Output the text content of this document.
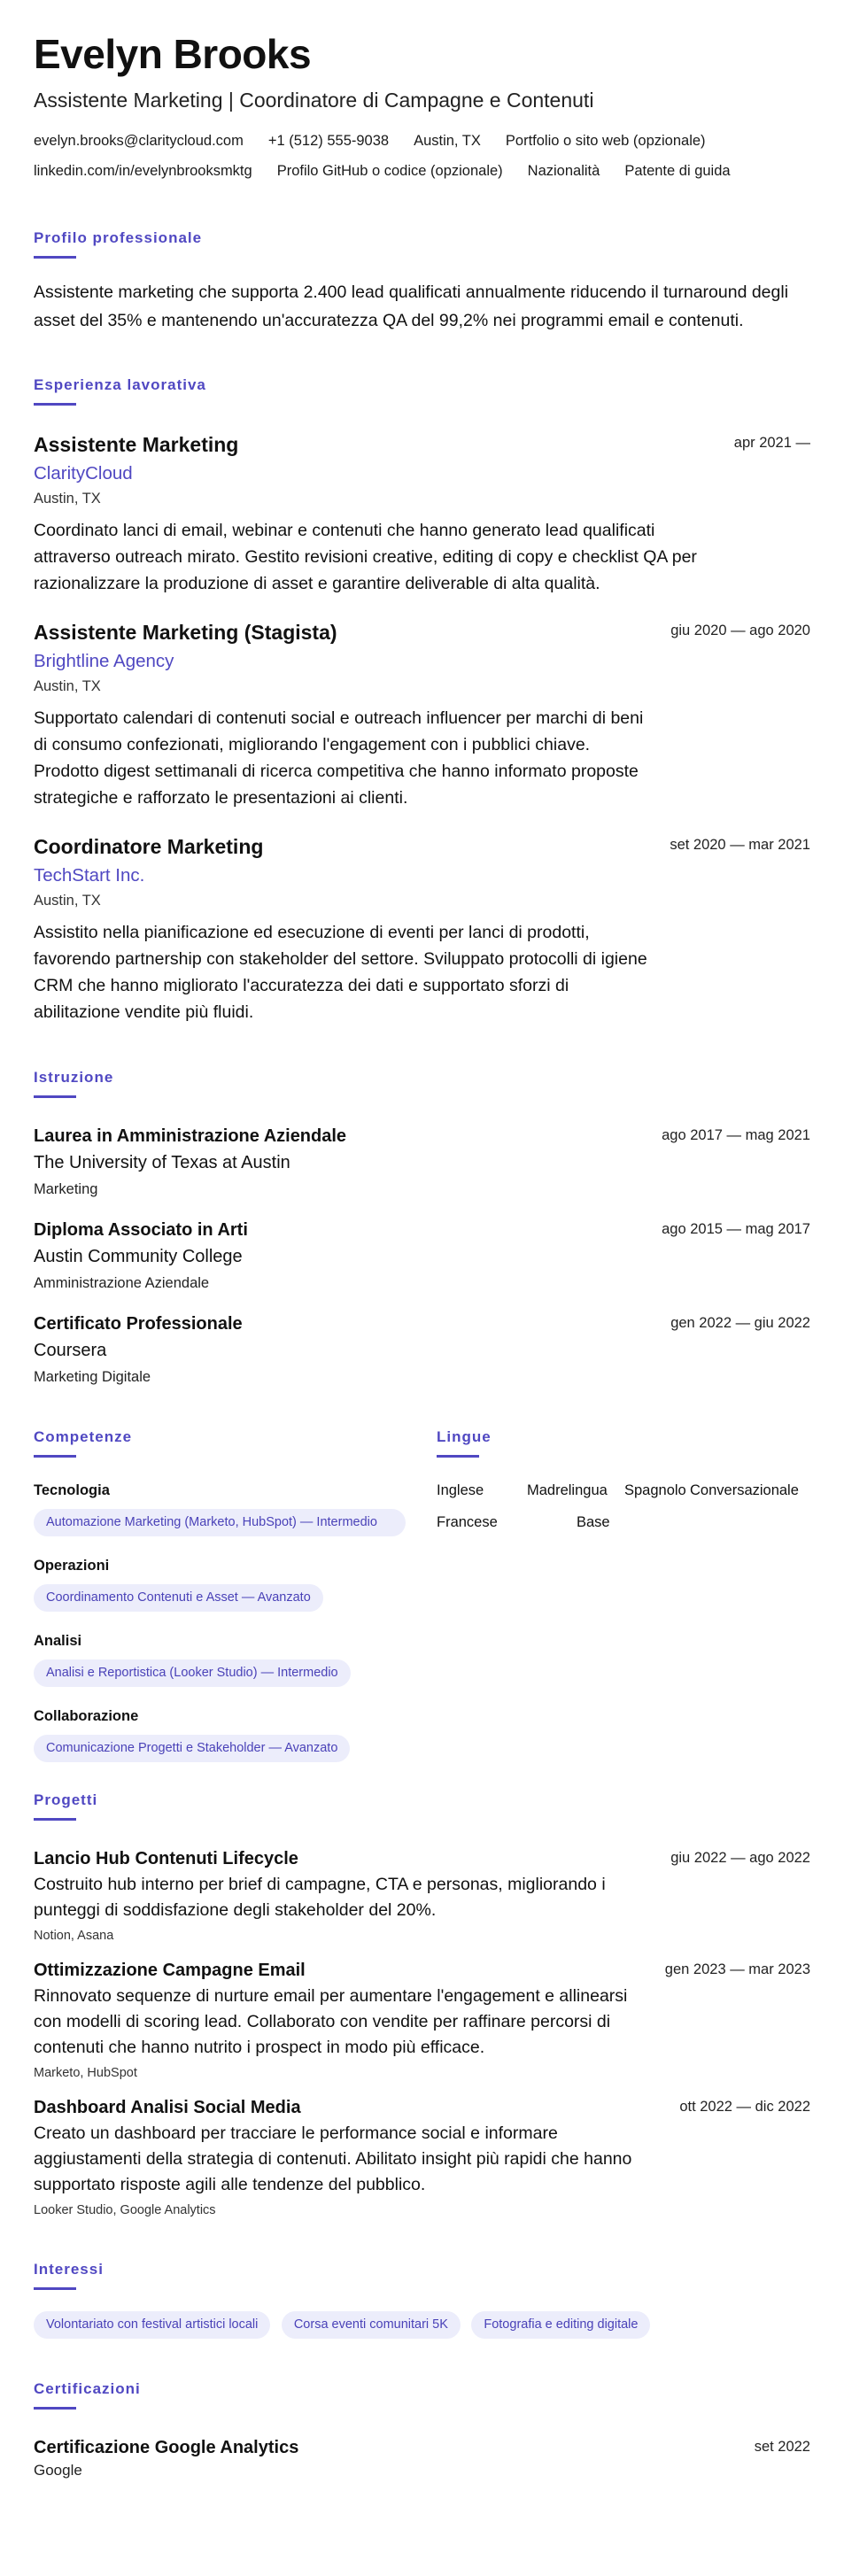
Evelyn Brooks
Assistente Marketing | Coordinatore di Campagne e Contenuti
evelyn.brooks@claritycloud.com +1 (512) 555-9038 Austin, TX Portfolio o sito web (opzionale)
linkedin.com/in/evelynbrooksmktg Profilo GitHub o codice (opzionale) Nazionalità Patente di guida
Profilo professionale
Assistente marketing che supporta 2.400 lead qualificati annualmente riducendo il turnaround degli asset del 35% e mantenendo un'accuratezza QA del 99,2% nei programmi email e contenuti.
Esperienza lavorativa
Assistente Marketing	apr 2021 —
ClarityCloud
Austin, TX
Coordinato lanci di email, webinar e contenuti che hanno generato lead qualificati attraverso outreach mirato. Gestito revisioni creative, editing di copy e checklist QA per razionalizzare la produzione di asset e garantire deliverable di alta qualità.
Assistente Marketing (Stagista)	giu 2020 — ago 2020
Brightline Agency
Austin, TX
Supportato calendari di contenuti social e outreach influencer per marchi di beni di consumo confezionati, migliorando l'engagement con i pubblici chiave. Prodotto digest settimanali di ricerca competitiva che hanno informato proposte strategiche e rafforzato le presentazioni ai clienti.
Coordinatore Marketing	set 2020 — mar 2021
TechStart Inc.
Austin, TX
Assistito nella pianificazione ed esecuzione di eventi per lanci di prodotti, favorendo partnership con stakeholder del settore. Sviluppato protocolli di igiene CRM che hanno migliorato l'accuratezza dei dati e supportato sforzi di abilitazione vendite più fluidi.
Istruzione
Laurea in Amministrazione Aziendale	ago 2017 — mag 2021
The University of Texas at Austin
Marketing
Diploma Associato in Arti	ago 2015 — mag 2017
Austin Community College
Amministrazione Aziendale
Certificato Professionale	gen 2022 — giu 2022
Coursera
Marketing Digitale
Competenze
Tecnologia
Automazione Marketing (Marketo, HubSpot) — Intermedio
Operazioni
Coordinamento Contenuti e Asset — Avanzato
Analisi
Analisi e Reportistica (Looker Studio) — Intermedio
Collaborazione
Comunicazione Progetti e Stakeholder — Avanzato
Lingue
Inglese	Madrelingua Spagnolo Conversazionale
Francese	Base
Progetti
Lancio Hub Contenuti Lifecycle	giu 2022 — ago 2022
Costruito hub interno per brief di campagne, CTA e personas, migliorando i punteggi di soddisfazione degli stakeholder del 20%.
Notion, Asana
Ottimizzazione Campagne Email	gen 2023 — mar 2023
Rinnovato sequenze di nurture email per aumentare l'engagement e allinearsi con modelli di scoring lead. Collaborato con vendite per raffinare percorsi di contenuti che hanno nutrito i prospect in modo più efficace.
Marketo, HubSpot
Dashboard Analisi Social Media	ott 2022 — dic 2022
Creato un dashboard per tracciare le performance social e informare aggiustamenti della strategia di contenuti. Abilitato insight più rapidi che hanno supportato risposte agili alle tendenze del pubblico.
Looker Studio, Google Analytics
Interessi
Volontariato con festival artistici locali	Corsa eventi comunitari 5K	Fotografia e editing digitale
Certificazioni
Certificazione Google Analytics	set 2022
Google
